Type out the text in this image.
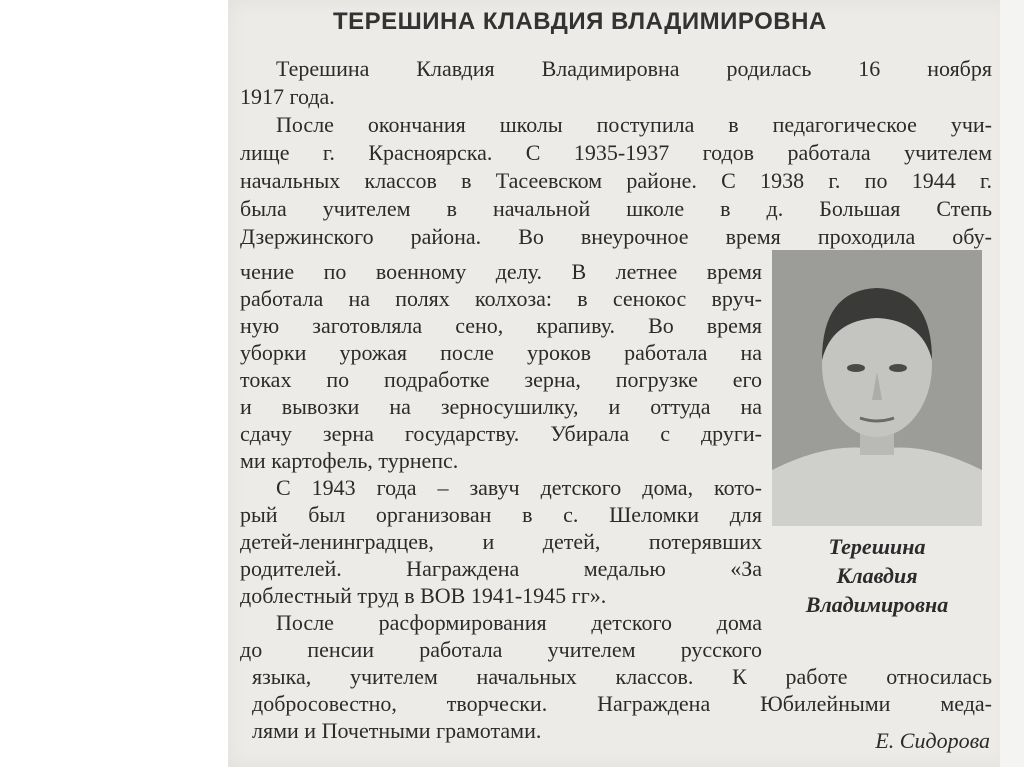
ТЕРЕШИНА КЛАВДИЯ ВЛАДИМИРОВНА

Терешина Клавдия Владимировна родилась 16 ноября

1917 года.

После окончания школы поступила в педагогическое учи-

лище г. Красноярска. С 1935-1937 годов работала учителем

начальных классов в Тасеевском районе. С 1938 г. по 1944 г.

была учителем в начальной школе в д. Большая Степь

Дзержинского района. Во внеурочное время проходила обу-

чение по военному делу. В летнее время

работала на полях колхоза: в сенокос вруч-

ную заготовляла сено, крапиву. Во время

уборки урожая после уроков работала на

токах по подработке зерна, погрузке его

и вывозки на зерносушилку, и оттуда на

сдачу зерна государству. Убирала с други-

ми картофель, турнепс.

С 1943 года – завуч детского дома, кото-

рый был организован в с. Шеломки для

детей-ленинградцев, и детей, потерявших

родителей. Награждена медалью «За

доблестный труд в ВОВ 1941-1945 гг».

После расформирования детского дома

до пенсии работала учителем русского

языка, учителем начальных классов. К работе относилась

добросовестно, творчески. Награждена Юбилейными меда-

лями и Почетными грамотами.

Терешина

Клавдия

Владимировна

Е. Сидорова
